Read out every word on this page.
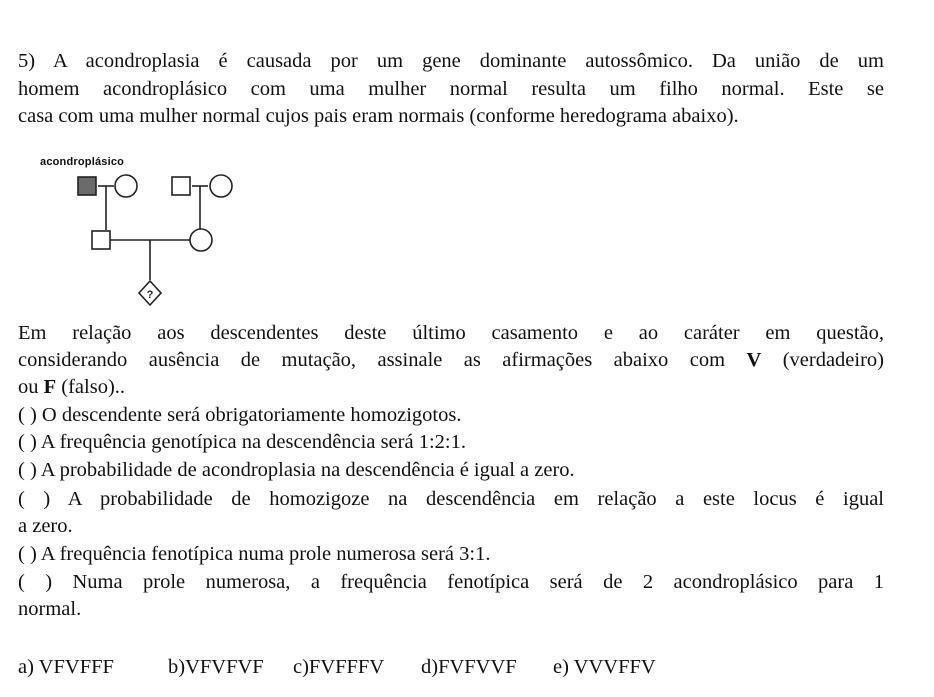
5) A acondroplasia é causada por um gene dominante autossômico. Da união de um
homem acondroplásico com uma mulher normal resulta um filho normal. Este se
casa com uma mulher normal cujos pais eram normais (conforme heredograma abaixo).
acondroplásico
?
Em relação aos descendentes deste último casamento e ao caráter em questão,
considerando ausência de mutação, assinale as afirmações abaixo com V (verdadeiro)
ou F (falso)..
( ) O descendente será obrigatoriamente homozigotos.
( ) A frequência genotípica na descendência será 1:2:1.
( ) A probabilidade de acondroplasia na descendência é igual a zero.
( ) A probabilidade de homozigoze na descendência em relação a este locus é igual
a zero.
( ) A frequência fenotípica numa prole numerosa será 3:1.
( ) Numa prole numerosa, a frequência fenotípica será de 2 acondroplásico para 1
normal.
a) VFVFFF	b)VFVFVF c)FVFFFV d)FVFVVF e) VVVFFV
